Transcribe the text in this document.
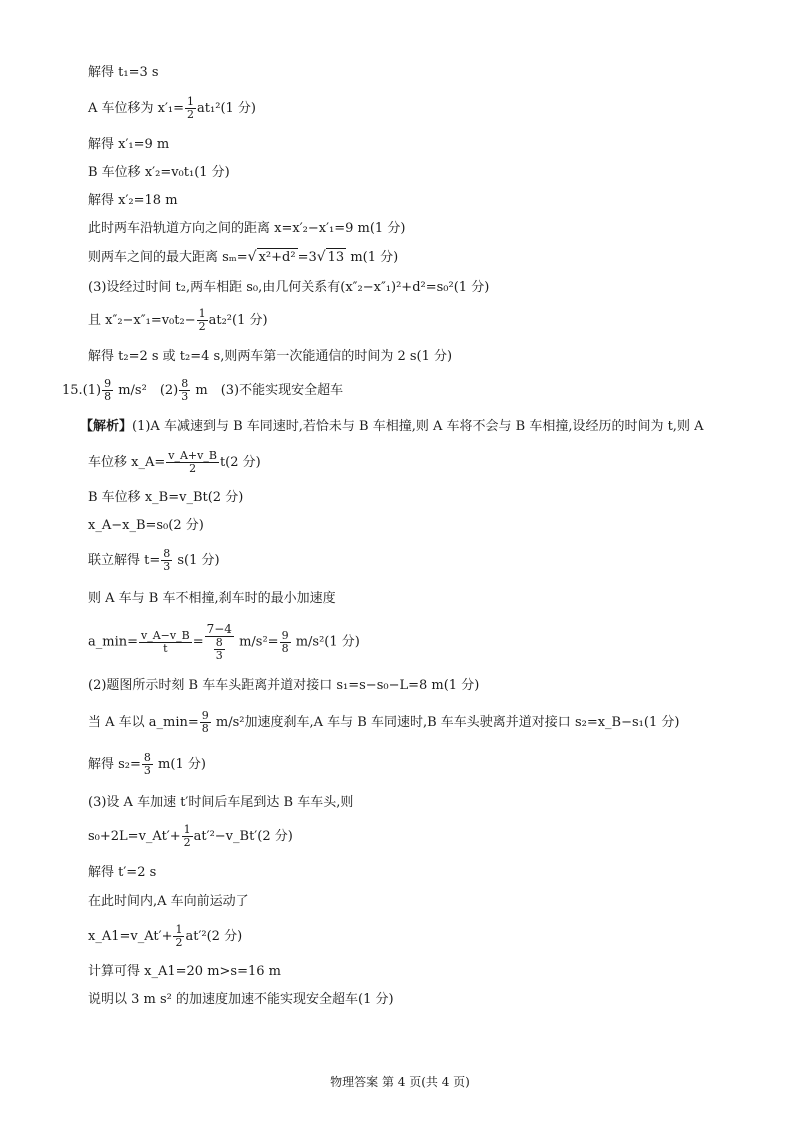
解得 t₁=3 s
A 车位移为 $x'_1= \frac{1}{2} at_1^2(1$ 分)
解得 x′₁=9 m
B 车位移 x′₂=v₀t₁(1 分)
解得 x′₂=18 m
此时两车沿轨道方向之间的距离 x=x′₂−x′₁=9 m(1 分)
则两车之间的最大距离 sₘ=√ x²+d² =3√ 13 m(1 分)
(3)设经过时间 t₂,两车相距 s₀,由几何关系有(x″₂−x″₁)²+d²=s₀²(1 分)
且 $x''_2-x''_1=v_0t_2- \frac{1}{2} at_2^2(1$ 分)
解得 t₂=2 s 或 t₂=4 s,则两车第一次能通信的时间为 2 s(1 分)
$15.(1) \frac{9}{8} m/s^2$　$(2) \frac{8}{3}$ m　(3)不能实现安全超车
【解析】(1)A 车减速到与 B 车同速时,若恰未与 B 车相撞,则 A 车将不会与 B 车相撞,设经历的时间为 t,则 A
车位移 x_A= $\frac{v\_A+v\_B}{2} t(2$ 分)
B 车位移 x_B=v_Bt(2 分)
x_A−x_B=s₀(2 分)
联立解得 $t= \frac{8}{3} s(1$ 分)
则 A 车与 B 车不相撞,刹车时的最小加速度
a_min= $\frac{v\_A-v\_B}{t} = \frac{7-4}{\frac{8}{3}} m/s^2= \frac{9}{8} m/s^2(1$ 分)
(2)题图所示时刻 B 车车头距离并道对接口 s₁=s−s₀−L=8 m(1 分)
当 A 车以 a_min= $\frac{9}{8} m/s^2$加速度刹车,A 车与 B 车同速时,B 车车头驶离并道对接口 s₂=x_B−s₁(1 分)
解得 $s_2= \frac{8}{3} m(1$ 分)
(3)设 A 车加速 t′时间后车尾到达 B 车车头,则
s₀+2L=v_At′+ $\frac{1}{2}$ at′²−v_Bt′(2 分)
解得 t′=2 s
在此时间内,A 车向前运动了
x_A1=v_At′+ $\frac{1}{2} at'^2(2$ 分)
计算可得 x_A1=20 m>s=16 m
说明以 3 m s² 的加速度加速不能实现安全超车(1 分)
物理答案 第 4 页(共 4 页)
